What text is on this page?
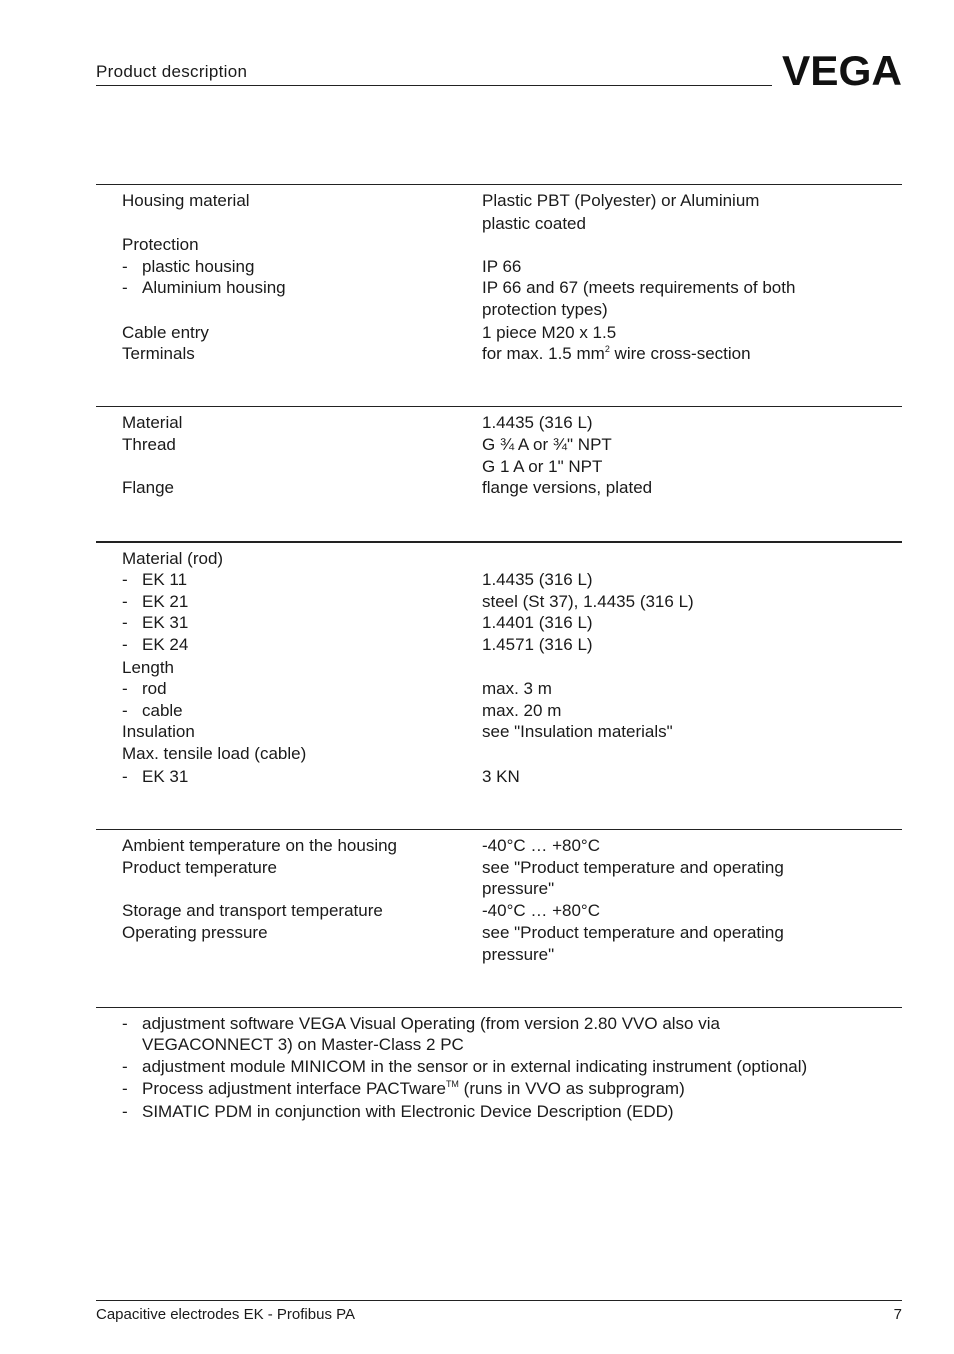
Product description	VEGA
Housing material	Plastic PBT (Polyester) or Aluminium
plastic coated
Protection
- plastic housing	IP 66
- Aluminium housing	IP 66 and 67 (meets requirements of both
protection types)
Cable entry	1 piece M20 x 1.5
Terminals	for max. 1.5 $mm^2$ wire cross-section
Material	1.4435 (316 L)
Thread	G ¾ A or ¾" NPT
G 1 A or 1" NPT
Flange	flange versions, plated
Material (rod)
- EK 11	1.4435 (316 L)
- EK 21	steel (St 37), 1.4435 (316 L)
- EK 31	1.4401 (316 L)
- EK 24	1.4571 (316 L)
Length
- rod	max. 3 m
- cable	max. 20 m
Insulation	see "Insulation materials"
Max. tensile load (cable)
- EK 31	3 KN
Ambient temperature on the housing	-40°C … +80°C
Product temperature	see "Product temperature and operating
pressure"
Storage and transport temperature	-40°C … +80°C
Operating pressure	see "Product temperature and operating
pressure"
- adjustment software VEGA Visual Operating (from version 2.80 VVO also via
VEGACONNECT 3) on Master-Class 2 PC
- adjustment module MINICOM in the sensor or in external indicating instrument (optional)
- Process adjustment interface PACTware™ (runs in VVO as subprogram)
- SIMATIC PDM in conjunction with Electronic Device Description (EDD)
Capacitive electrodes EK - Profibus PA	7
